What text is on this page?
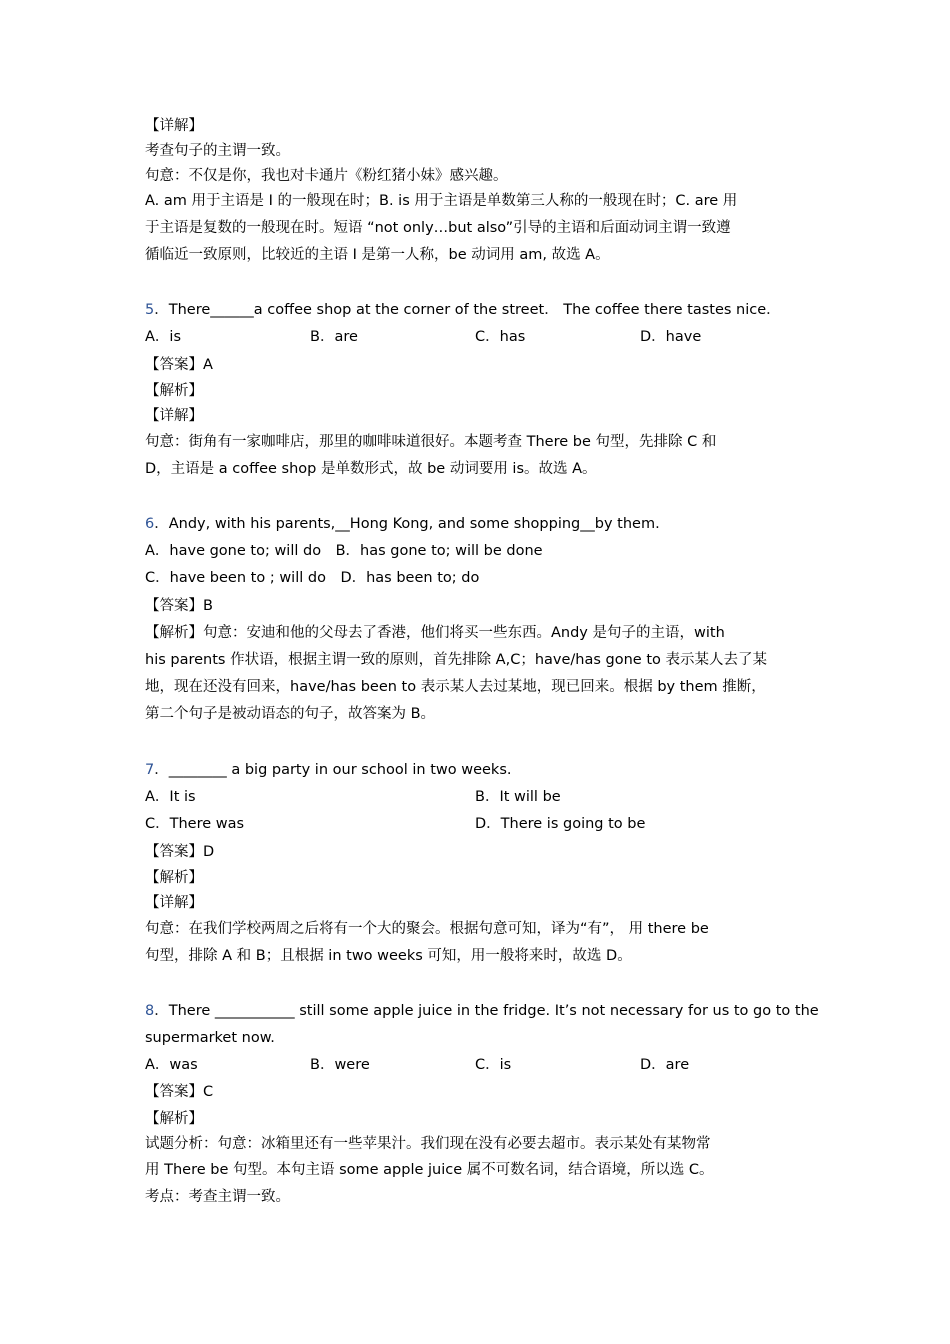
【详解】
考查句子的主谓一致。
句意：不仅是你，我也对卡通片《粉红猪小妹》感兴趣。
A. am 用于主语是 I 的一般现在时；B. is 用于主语是单数第三人称的一般现在时；C. are 用
于主语是复数的一般现在时。短语 “not only…but also”引导的主语和后面动词主谓一致遵
循临近一致原则，比较近的主语 I 是第一人称，be 动词用 am, 故选 A。
5．There______a coffee shop at the corner of the street． The coffee there tastes nice．
A．is	B．are	C．has	D．have
【答案】A
【解析】
【详解】
句意：街角有一家咖啡店，那里的咖啡味道很好。本题考查 There be 句型，先排除 C 和
D，主语是 a coffee shop 是单数形式，故 be 动词要用 is。故选 A。
6．Andy, with his parents,__Hong Kong, and some shopping__by them.
A．have gone to; will do　B．has gone to; will be done
C．have been to ; will do　D．has been to; do
【答案】B
【解析】句意：安迪和他的父母去了香港，他们将买一些东西。Andy 是句子的主语，with
his parents 作状语，根据主谓一致的原则，首先排除 A,C；have/has gone to 表示某人去了某
地，现在还没有回来，have/has been to 表示某人去过某地，现已回来。根据 by them 推断，
第二个句子是被动语态的句子，故答案为 B。
7．________ a big party in our school in two weeks.
A．It is	B．It will be
C．There was	D．There is going to be
【答案】D
【解析】
【详解】
句意：在我们学校两周之后将有一个大的聚会。根据句意可知，译为“有”， 用 there be
句型，排除 A 和 B；且根据 in two weeks 可知，用一般将来时，故选 D。
8．There ___________ still some apple juice in the fridge. It’s not necessary for us to go to the
supermarket now.
A．was	B．were	C．is	D．are
【答案】C
【解析】
试题分析：句意：冰箱里还有一些苹果汁。我们现在没有必要去超市。表示某处有某物常
用 There be 句型。本句主语 some apple juice 属不可数名词，结合语境，所以选 C。
考点：考查主谓一致。
